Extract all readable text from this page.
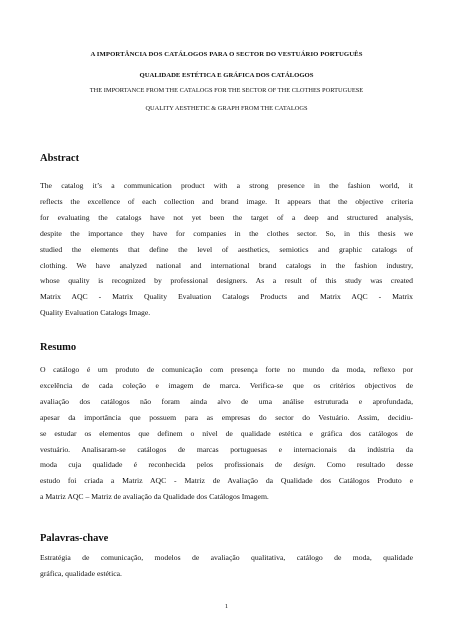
A IMPORTÂNCIA DOS CATÁLOGOS PARA O SECTOR DO VESTUÁRIO PORTUGUÊS

QUALIDADE ESTÉTICA E GRÁFICA DOS CATÁLOGOS

THE IMPORTANCE FROM THE CATALOGS FOR THE SECTOR OF THE CLOTHES PORTUGUESE

QUALITY AESTHETIC & GRAPH FROM THE CATALOGS

Abstract
The catalog it’s a communication product with a strong presence in the fashion world, it
reflects the excellence of each collection and brand image. It appears that the objective criteria
for evaluating the catalogs have not yet been the target of a deep and structured analysis,
despite the importance they have for companies in the clothes sector. So, in this thesis we
studied the elements that define the level of aesthetics, semiotics and graphic catalogs of
clothing. We have analyzed national and international brand catalogs in the fashion industry,
whose quality is recognized by professional designers. As a result of this study was created
Matrix AQC - Matrix Quality Evaluation Catalogs Products and Matrix AQC - Matrix
Quality Evaluation Catalogs Image.
Resumo
O catálogo é um produto de comunicação com presença forte no mundo da moda, reflexo por
excelência de cada coleção e imagem de marca. Verifica-se que os critérios objectivos de
avaliação dos catálogos não foram ainda alvo de uma análise estruturada e aprofundada,
apesar da importância que possuem para as empresas do sector do Vestuário. Assim, decidiu-
se estudar os elementos que definem o nível de qualidade estética e gráfica dos catálogos de
vestuário. Analisaram-se catálogos de marcas portuguesas e internacionais da indústria da
moda cuja qualidade é reconhecida pelos profissionais de design. Como resultado desse
estudo foi criada a Matriz AQC - Matriz de Avaliação da Qualidade dos Catálogos Produto e
a Matriz AQC – Matriz de avaliação da Qualidade dos Catálogos Imagem.
Palavras-chave
Estratégia de comunicação, modelos de avaliação qualitativa, catálogo de moda, qualidade
gráfica, qualidade estética.
1
